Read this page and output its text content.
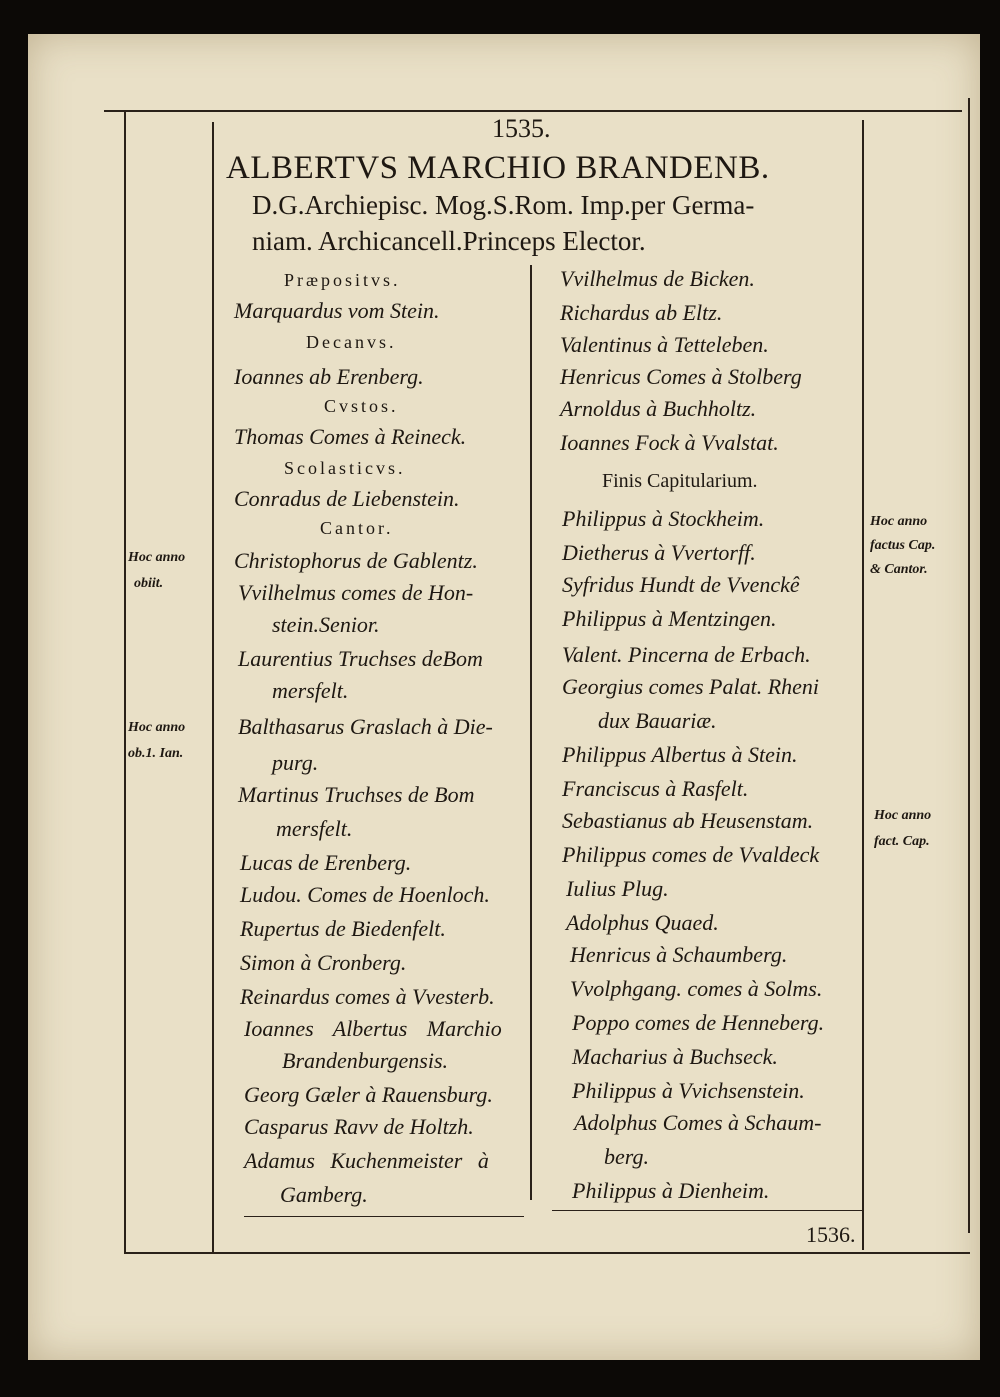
1535.
ALBERTVS MARCHIO BRANDENB.
D.G.Archiepisc. Mog.S.Rom. Imp.per Germa-
niam. Archicancell.Princeps Elector.
Præpositvs.
Marquardus vom Stein.
Decanvs.
Ioannes ab Erenberg.
Cvstos.
Thomas Comes à Reineck.
Scolasticvs.
Conradus de Liebenstein.
Cantor.
Christophorus de Gablentz.
Vvilhelmus comes de Hon-
stein.Senior.
Laurentius Truchses deBom
mersfelt.
Balthasarus Graslach à Die-
purg.
Martinus Truchses de Bom
mersfelt.
Lucas de Erenberg.
Ludou. Comes de Hoenloch.
Rupertus de Biedenfelt.
Simon à Cronberg.
Reinardus comes à Vvesterb.
Ioannes Albertus Marchio
Brandenburgensis.
Georg Gæler à Rauensburg.
Casparus Ravv de Holtzh.
Adamus Kuchenmeister à
Gamberg.
Vvilhelmus de Bicken.
Richardus ab Eltz.
Valentinus à Tetteleben.
Henricus Comes à Stolberg
Arnoldus à Buchholtz.
Ioannes Fock à Vvalstat.
Finis Capitularium.
Philippus à Stockheim.
Dietherus à Vvertorff.
Syfridus Hundt de Vvenckê
Philippus à Mentzingen.
Valent. Pincerna de Erbach.
Georgius comes Palat. Rheni
dux Bauariæ.
Philippus Albertus à Stein.
Franciscus à Rasfelt.
Sebastianus ab Heusenstam.
Philippus comes de Vvaldeck
Iulius Plug.
Adolphus Quaed.
Henricus à Schaumberg.
Vvolphgang. comes à Solms.
Poppo comes de Henneberg.
Macharius à Buchseck.
Philippus à Vvichsenstein.
Adolphus Comes à Schaum-
berg.
Philippus à Dienheim.
Hoc anno
obiit.
Hoc anno
ob.1. Ian.
Hoc anno
factus Cap.
& Cantor.
Hoc anno
fact. Cap.
1536.
